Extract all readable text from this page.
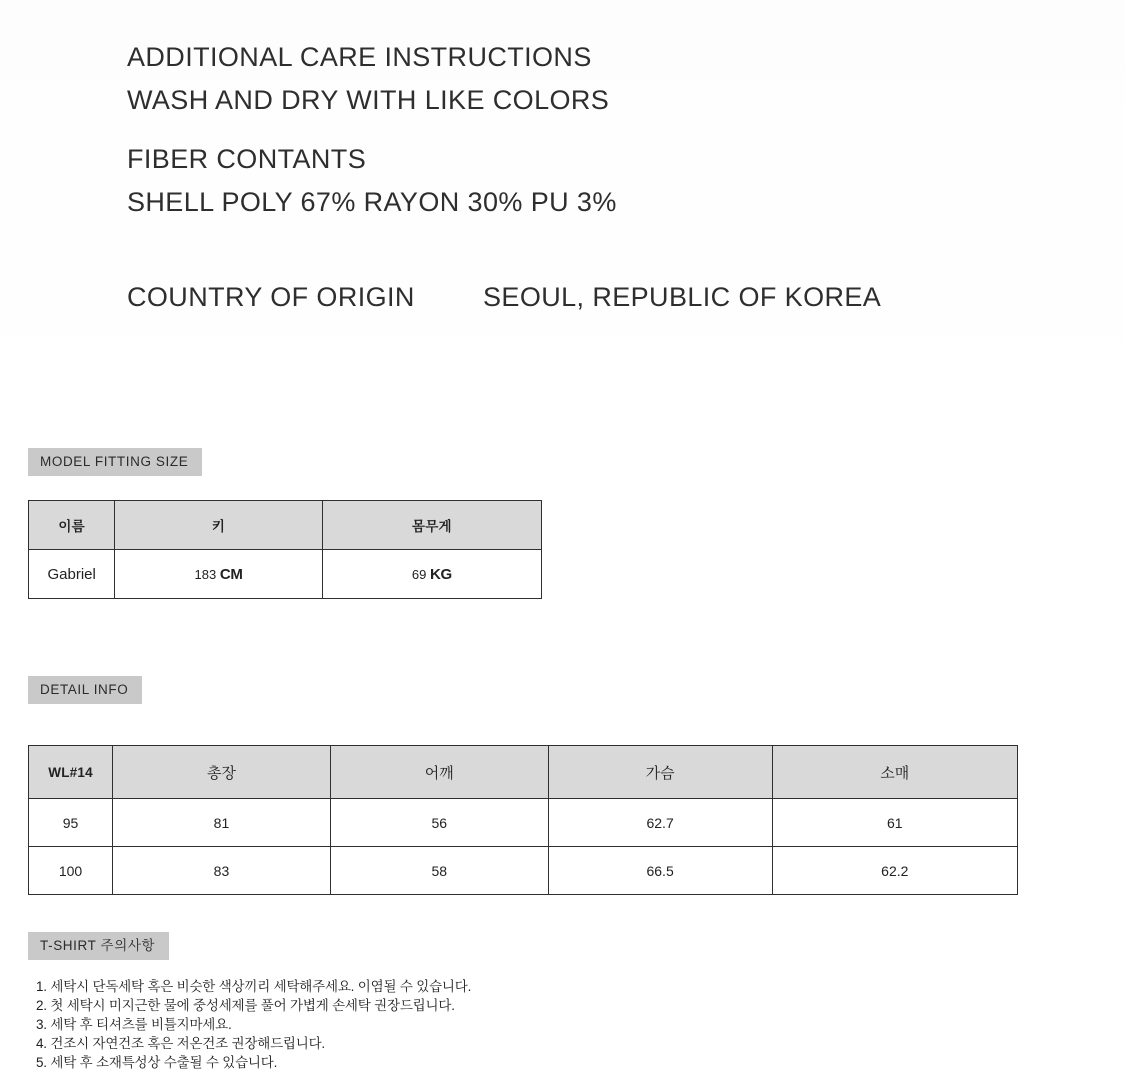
ADDITIONAL CARE INSTRUCTIONS
WASH AND DRY WITH LIKE COLORS
FIBER CONTANTS
SHELL POLY 67% RAYON 30% PU 3%
COUNTRY OF ORIGIN	SEOUL, REPUBLIC OF KOREA
MODEL FITTING SIZE
이름	키	몸무게
Gabriel	183 CM	69 KG
DETAIL INFO
WL#14	총장	어깨	가슴	소매
95	81	56	62.7	61
100	83	58	66.5	62.2
T-SHIRT 주의사항
1. 세탁시 단독세탁 혹은 비슷한 색상끼리 세탁해주세요. 이염될 수 있습니다.
2. 첫 세탁시 미지근한 물에 중성세제를 풀어 가볍게 손세탁 권장드립니다.
3. 세탁 후 티셔츠를 비틀지마세요.
4. 건조시 자연건조 혹은 저온건조 권장해드립니다.
5. 세탁 후 소재특성상 수출될 수 있습니다.
